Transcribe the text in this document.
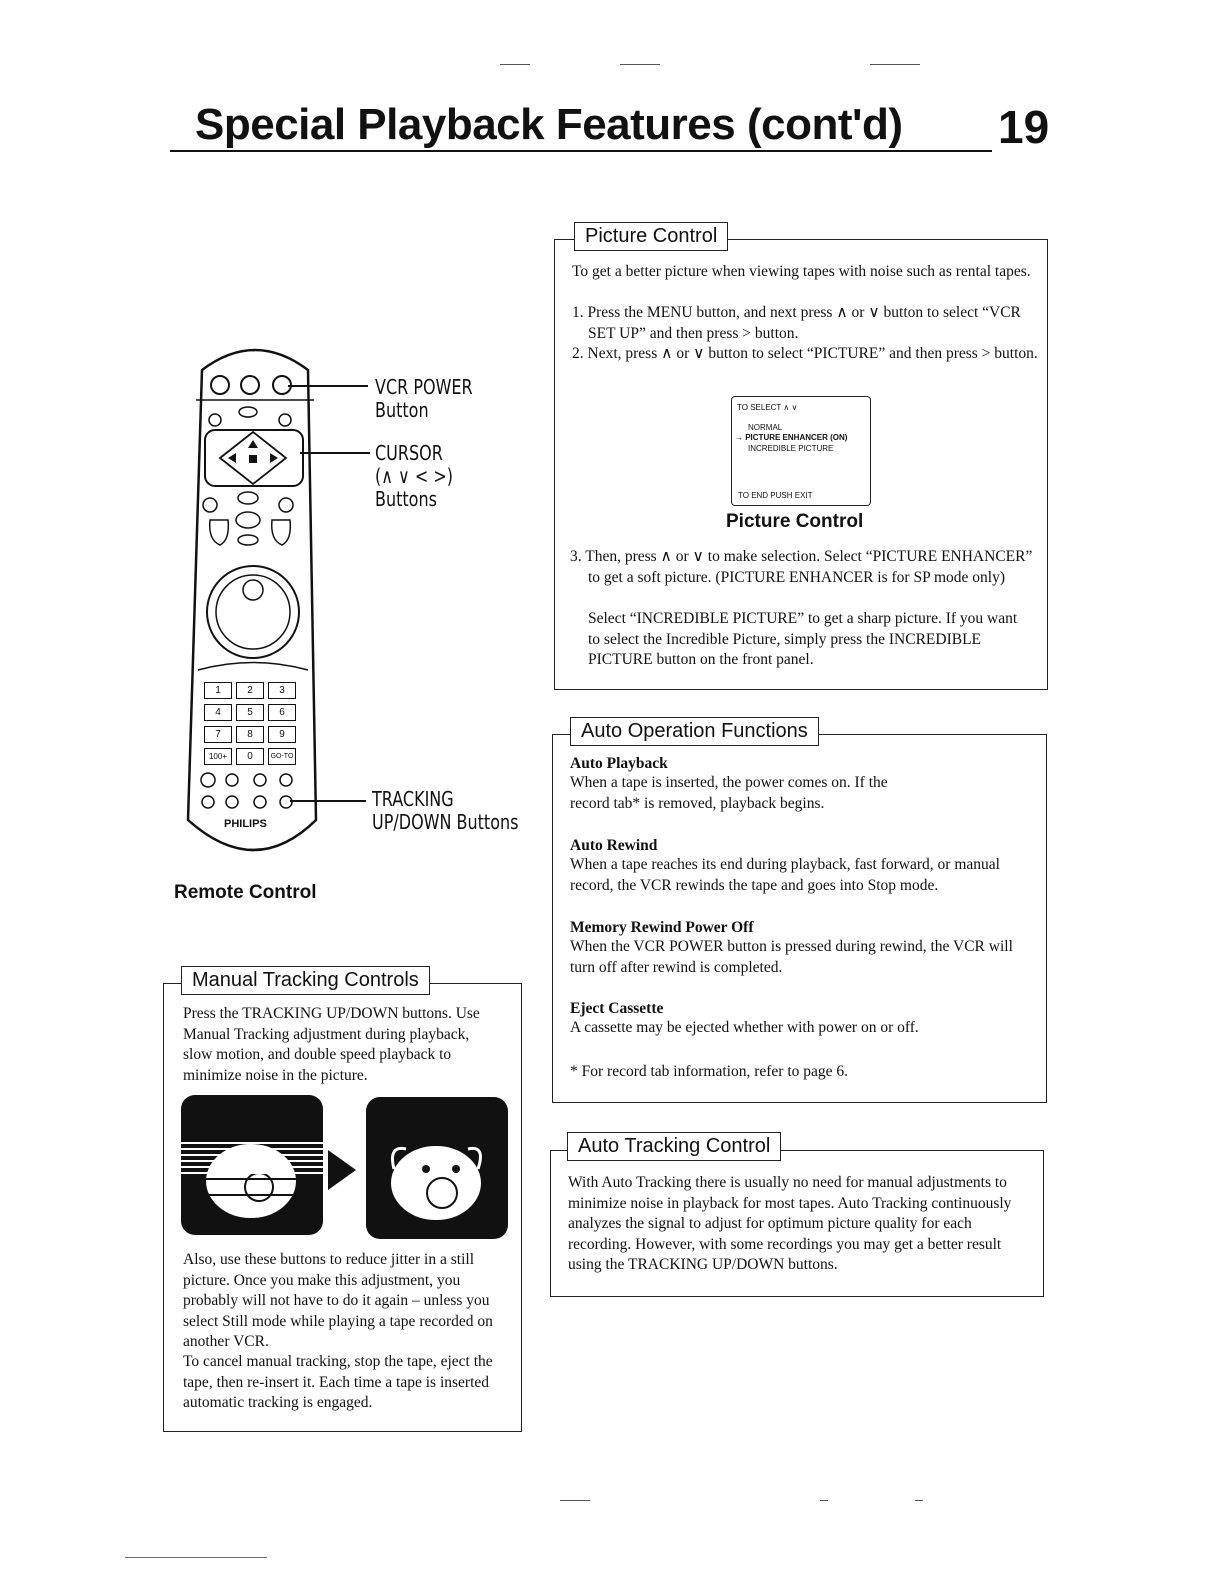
Special Playback Features (cont'd) 19
1	2	3
4	5	6
7	8	9
100+	0	GO-TO
PHILIPS
VCR POWER
Button
CURSOR
(∧ ∨ < >)
Buttons
TRACKING
UP/DOWN Buttons
Remote Control
Manual Tracking Controls
Press the TRACKING UP/DOWN buttons. Use Manual Tracking adjustment during playback, slow motion, and double speed playback to minimize noise in the picture.
Also, use these buttons to reduce jitter in a still picture. Once you make this adjustment, you probably will not have to do it again – unless you select Still mode while playing a tape recorded on another VCR.
To cancel manual tracking, stop the tape, eject the tape, then re-insert it. Each time a tape is inserted automatic tracking is engaged.
Picture Control
To get a better picture when viewing tapes with noise such as rental tapes.
1. Press the MENU button, and next press ∧ or ∨ button to select “VCR SET UP” and then press > button.
2. Next, press ∧ or ∨ button to select “PICTURE” and then press > button.
TO SELECT ∧ ∨
NORMAL
→ PICTURE ENHANCER (ON)
INCREDIBLE PICTURE
TO END PUSH EXIT
Picture Control
3. Then, press ∧ or ∨ to make selection. Select “PICTURE ENHANCER” to get a soft picture. (PICTURE ENHANCER is for SP mode only)
Select “INCREDIBLE PICTURE” to get a sharp picture. If you want to select the Incredible Picture, simply press the INCREDIBLE PICTURE button on the front panel.
Auto Operation Functions
Auto Playback
When a tape is inserted, the power comes on. If the record tab* is removed, playback begins.
Auto Rewind
When a tape reaches its end during playback, fast forward, or manual record, the VCR rewinds the tape and goes into Stop mode.
Memory Rewind Power Off
When the VCR POWER button is pressed during rewind, the VCR will turn off after rewind is completed.
Eject Cassette
A cassette may be ejected whether with power on or off.
* For record tab information, refer to page 6.
Auto Tracking Control
With Auto Tracking there is usually no need for manual adjustments to minimize noise in playback for most tapes. Auto Tracking continuously analyzes the signal to adjust for optimum picture quality for each recording. However, with some recordings you may get a better result using the TRACKING UP/DOWN buttons.
